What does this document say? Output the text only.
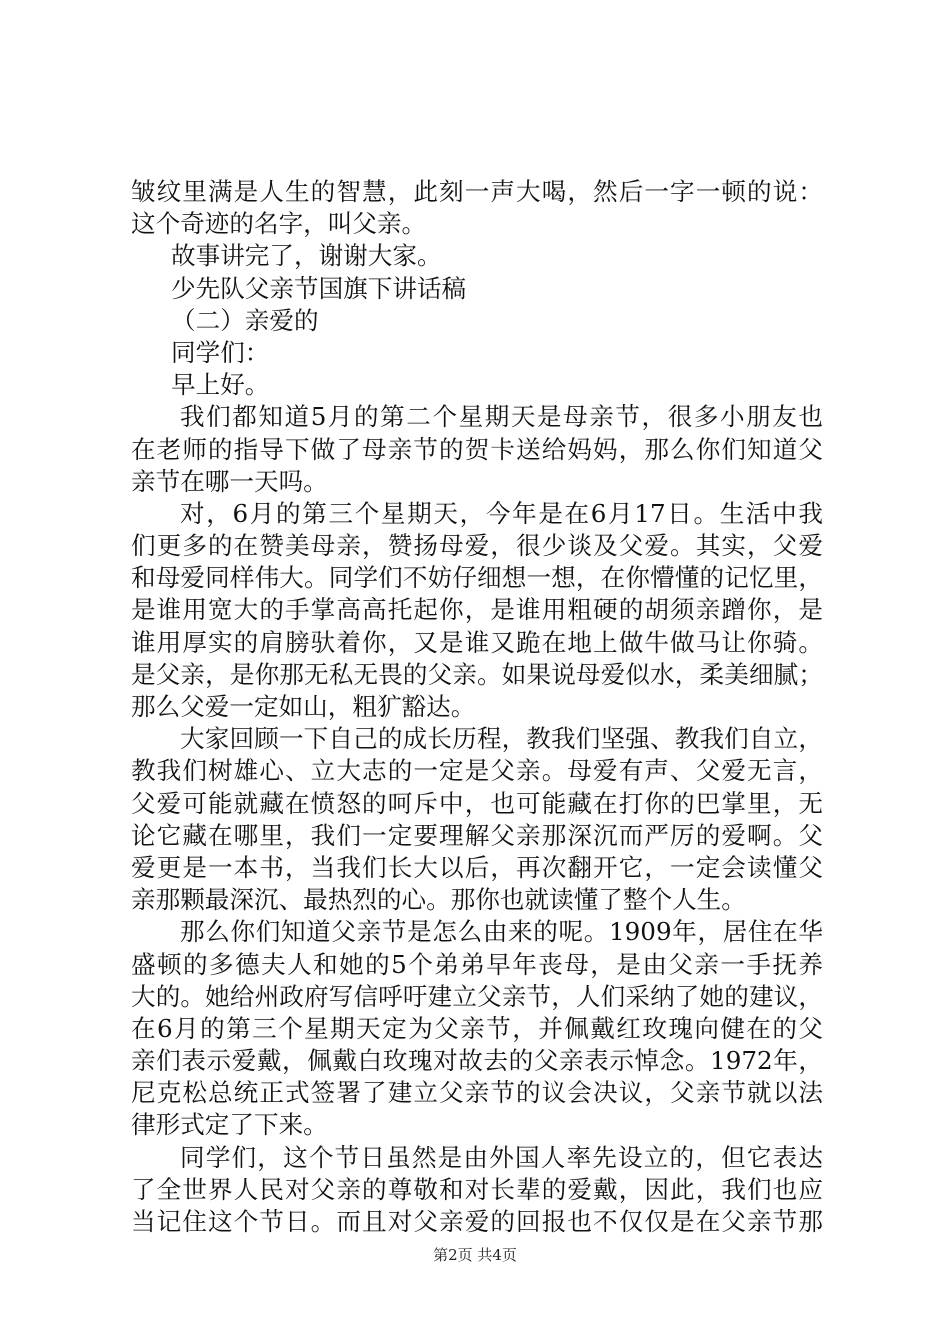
皱纹里满是人生的智慧，此刻一声大喝，然后一字一顿的说：
这个奇迹的名字，叫父亲。
故事讲完了，谢谢大家。
少先队父亲节国旗下讲话稿
（二）亲爱的
同学们：
早上好。
我们都知道5月的第二个星期天是母亲节，很多小朋友也
在老师的指导下做了母亲节的贺卡送给妈妈，那么你们知道父
亲节在哪一天吗。
对，6月的第三个星期天，今年是在6月17日。生活中我
们更多的在赞美母亲，赞扬母爱，很少谈及父爱。其实，父爱
和母爱同样伟大。同学们不妨仔细想一想，在你懵懂的记忆里，
是谁用宽大的手掌高高托起你，是谁用粗硬的胡须亲蹭你，是
谁用厚实的肩膀驮着你，又是谁又跪在地上做牛做马让你骑。
是父亲，是你那无私无畏的父亲。如果说母爱似水，柔美细腻；
那么父爱一定如山，粗犷豁达。
大家回顾一下自己的成长历程，教我们坚强、教我们自立，
教我们树雄心、立大志的一定是父亲。母爱有声、父爱无言，
父爱可能就藏在愤怒的呵斥中，也可能藏在打你的巴掌里，无
论它藏在哪里，我们一定要理解父亲那深沉而严厉的爱啊。父
爱更是一本书，当我们长大以后，再次翻开它，一定会读懂父
亲那颗最深沉、最热烈的心。那你也就读懂了整个人生。
那么你们知道父亲节是怎么由来的呢。1909年，居住在华
盛顿的多德夫人和她的5个弟弟早年丧母，是由父亲一手抚养
大的。她给州政府写信呼吁建立父亲节，人们采纳了她的建议，
在6月的第三个星期天定为父亲节，并佩戴红玫瑰向健在的父
亲们表示爱戴，佩戴白玫瑰对故去的父亲表示悼念。1972年，
尼克松总统正式签署了建立父亲节的议会决议，父亲节就以法
律形式定了下来。
同学们，这个节日虽然是由外国人率先设立的，但它表达
了全世界人民对父亲的尊敬和对长辈的爱戴，因此，我们也应
当记住这个节日。而且对父亲爱的回报也不仅仅是在父亲节那
第2页 共4页
